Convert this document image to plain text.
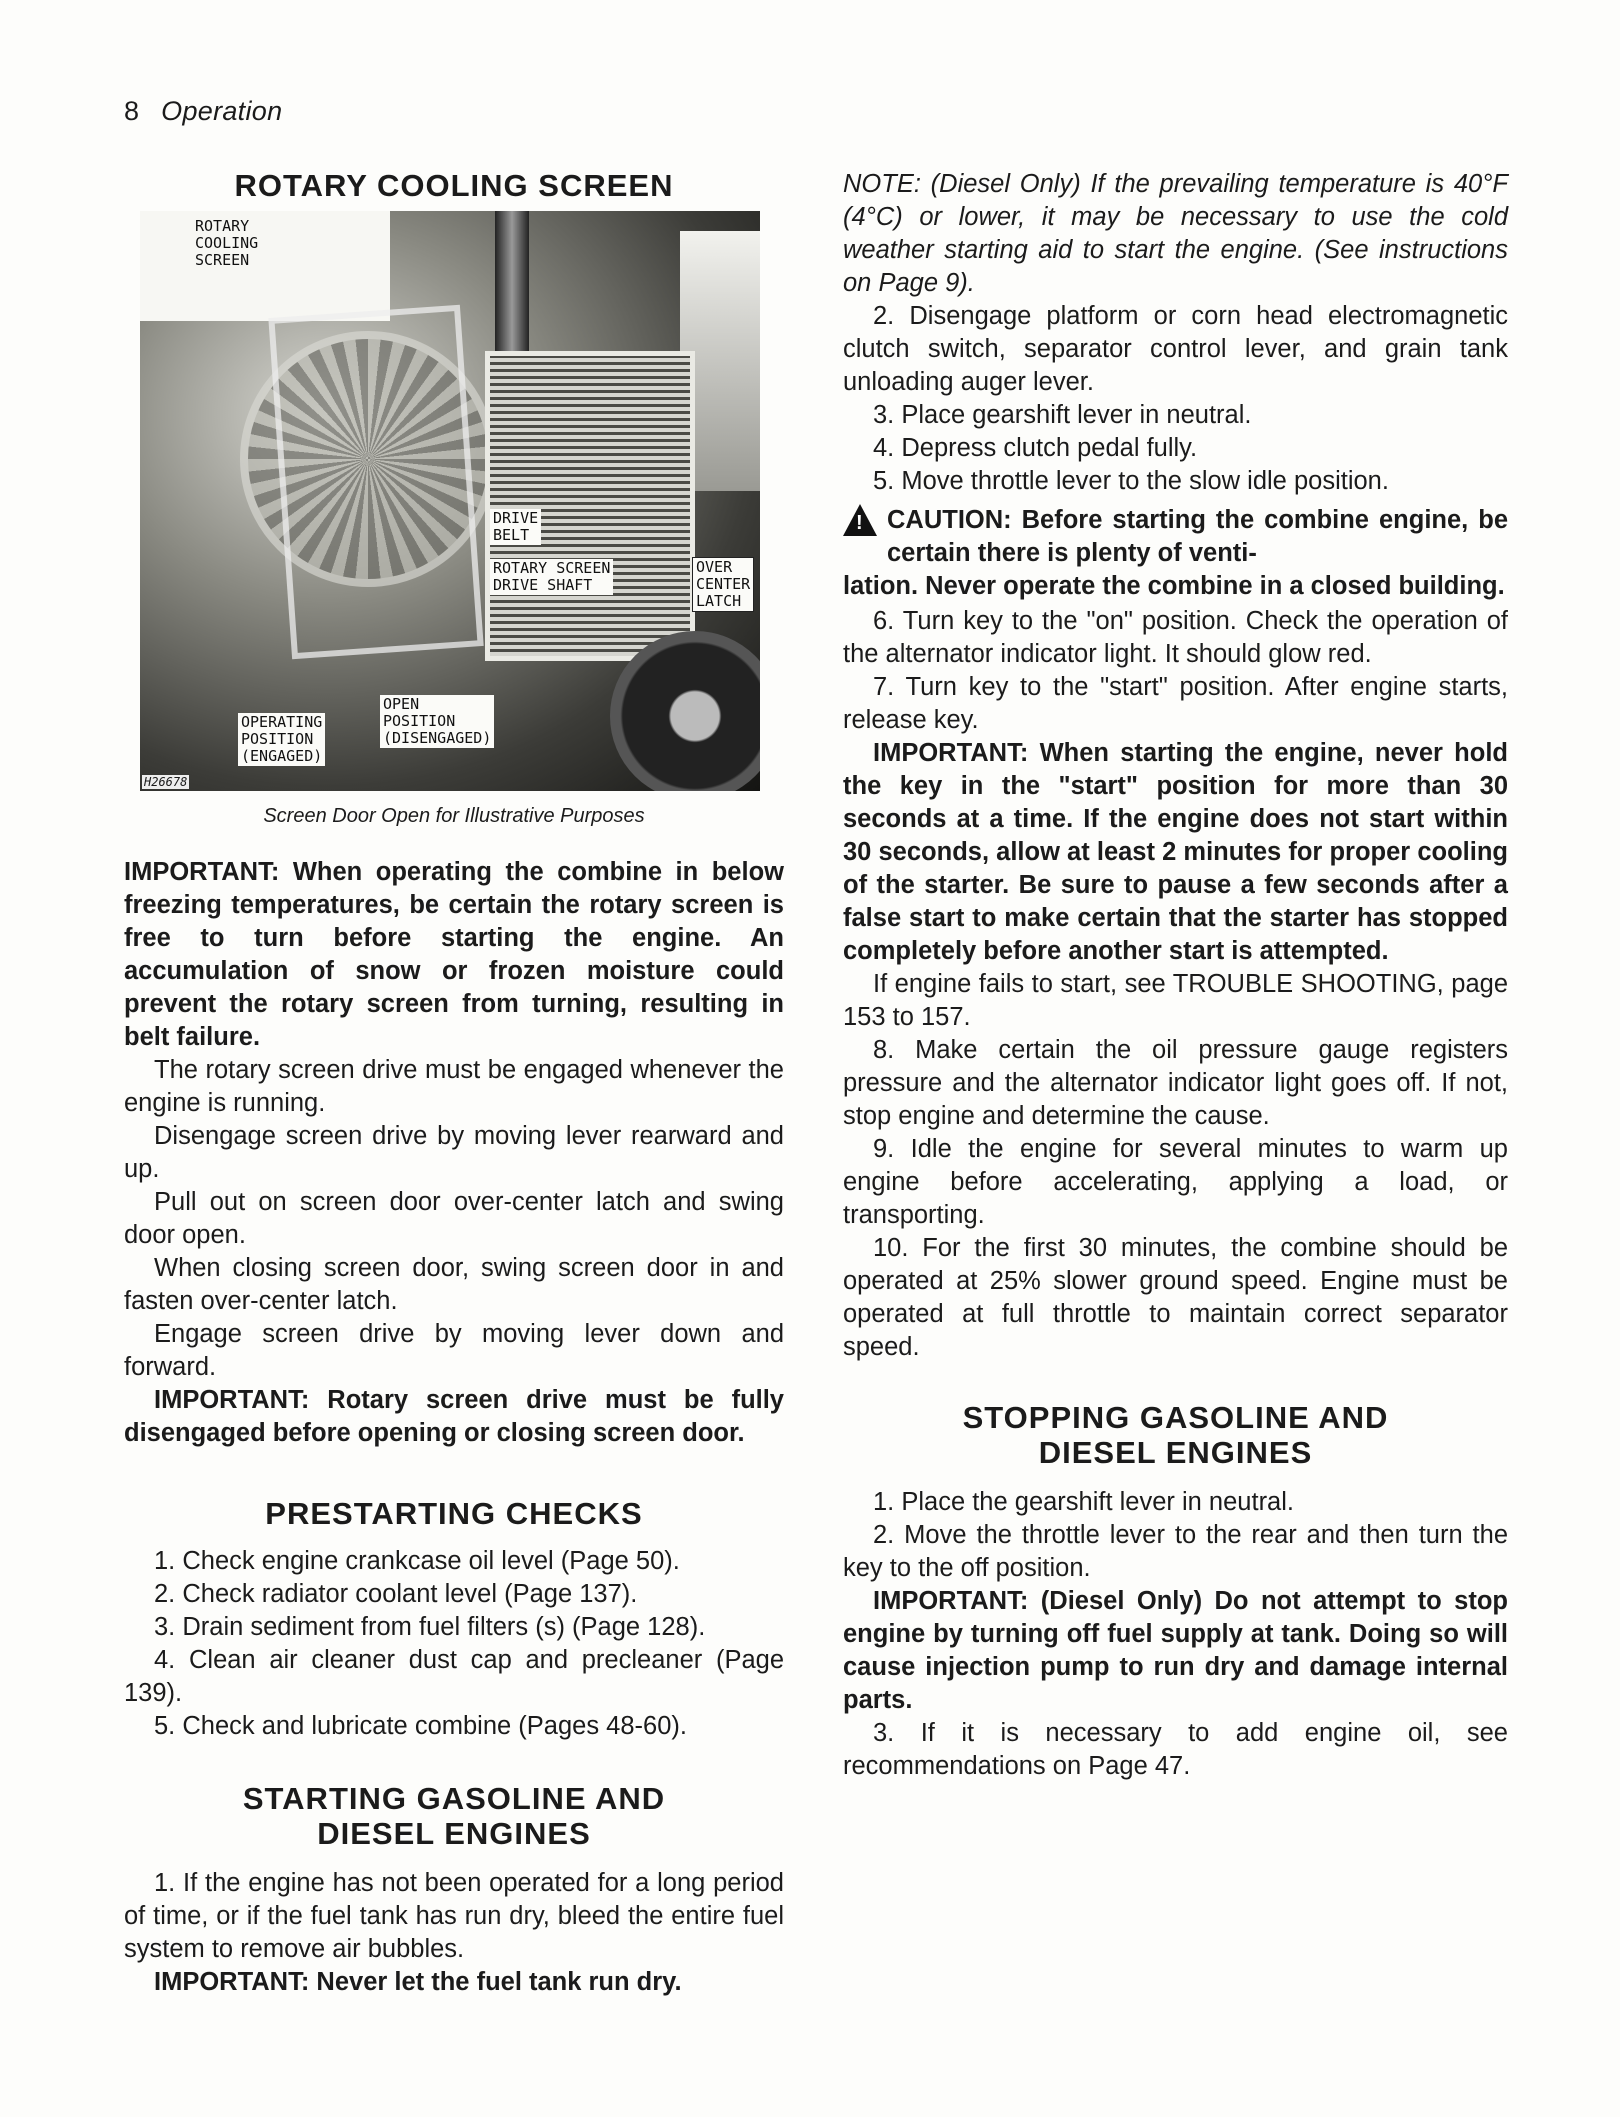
8 Operation
ROTARY COOLING SCREEN
ROTARY
COOLING
SCREEN
DRIVE
BELT
ROTARY SCREEN
DRIVE SHAFT
OVER
CENTER
LATCH
OPERATING
POSITION
(ENGAGED)
OPEN
POSITION
(DISENGAGED)
H26678
Screen Door Open for Illustrative Purposes

IMPORTANT: When operating the combine in below freezing temperatures, be certain the rotary screen is free to turn before starting the engine. An accumulation of snow or frozen moisture could prevent the rotary screen from turning, resulting in belt failure.

The rotary screen drive must be engaged whenever the engine is running.

Disengage screen drive by moving lever rearward and up.

Pull out on screen door over-center latch and swing door open.

When closing screen door, swing screen door in and fasten over-center latch.

Engage screen drive by moving lever down and forward.

IMPORTANT: Rotary screen drive must be fully disengaged before opening or closing screen door.

PRESTARTING CHECKS

1. Check engine crankcase oil level (Page 50).

2. Check radiator coolant level (Page 137).

3. Drain sediment from fuel filters (s) (Page 128).

4. Clean air cleaner dust cap and precleaner (Page 139).

5. Check and lubricate combine (Pages 48-60).

STARTING GASOLINE AND
DIESEL ENGINES

1. If the engine has not been operated for a long period of time, or if the fuel tank has run dry, bleed the entire fuel system to remove air bubbles.

IMPORTANT: Never let the fuel tank run dry.

NOTE: (Diesel Only) If the prevailing temperature is 40°F (4°C) or lower, it may be necessary to use the cold weather starting aid to start the engine. (See instructions on Page 9).

2. Disengage platform or corn head electromagnetic clutch switch, separator control lever, and grain tank unloading auger lever.

3. Place gearshift lever in neutral.

4. Depress clutch pedal fully.

5. Move throttle lever to the slow idle position.

!
CAUTION: Before starting the combine engine, be certain there is plenty of venti-
lation. Never operate the combine in a closed building.

6. Turn key to the "on" position. Check the operation of the alternator indicator light. It should glow red.

7. Turn key to the "start" position. After engine starts, release key.

IMPORTANT: When starting the engine, never hold the key in the "start" position for more than 30 seconds at a time. If the engine does not start within 30 seconds, allow at least 2 minutes for proper cooling of the starter. Be sure to pause a few seconds after a false start to make certain that the starter has stopped completely before another start is attempted.

If engine fails to start, see TROUBLE SHOOTING, page 153 to 157.

8. Make certain the oil pressure gauge registers pressure and the alternator indicator light goes off. If not, stop engine and determine the cause.

9. Idle the engine for several minutes to warm up engine before accelerating, applying a load, or transporting.

10. For the first 30 minutes, the combine should be operated at 25% slower ground speed. Engine must be operated at full throttle to maintain correct separator speed.

STOPPING GASOLINE AND
DIESEL ENGINES

1. Place the gearshift lever in neutral.

2. Move the throttle lever to the rear and then turn the key to the off position.

IMPORTANT: (Diesel Only) Do not attempt to stop engine by turning off fuel supply at tank. Doing so will cause injection pump to run dry and damage internal parts.

3. If it is necessary to add engine oil, see recommendations on Page 47.
